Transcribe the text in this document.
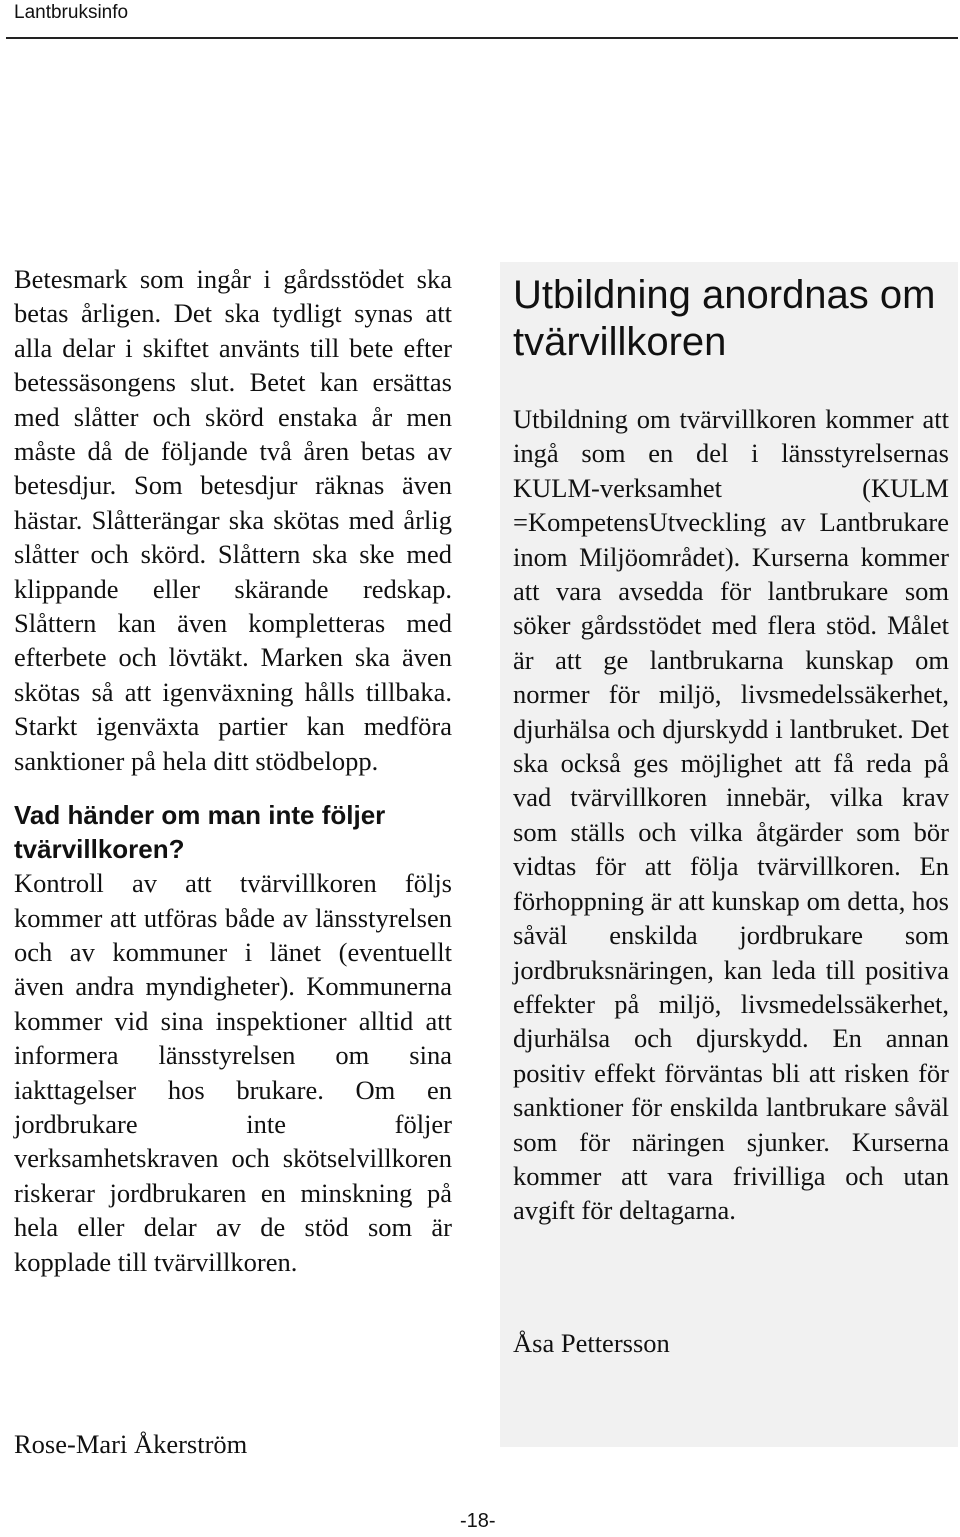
Lantbruksinfo

Betesmark som ingår i gårdsstödet ska betas årligen. Det ska tydligt synas att alla delar i skiftet använts till bete efter betessäsongens slut. Betet kan ersättas med slåtter och skörd enstaka år men måste då de följande två åren betas av betesdjur. Som betesdjur räknas även hästar. Slåtterängar ska skötas med årlig slåtter och skörd. Slåttern ska ske med klippande eller skärande redskap. Slåttern kan även kompletteras med efterbete och lövtäkt. Marken ska även skötas så att igenväxning hålls tillbaka. Starkt igenväxta partier kan medföra sanktioner på hela ditt stödbelopp.

Vad händer om man inte följer tvärvillkoren?

Kontroll av att tvärvillkoren följs kommer att utföras både av länsstyrelsen och av kommuner i länet (eventuellt även andra myndigheter). Kommunerna kommer vid sina inspektioner alltid att informera länsstyrelsen om sina iakttagelser hos brukare. Om en jordbrukare inte följer verksamhetskraven och skötselvillkoren riskerar jordbrukaren en minskning på hela eller delar av de stöd som är kopplade till tvärvillkoren.

Rose-Mari Åkerström
Utbildning anordnas om tvärvillkoren

Utbildning om tvärvillkoren kommer att ingå som en del i länsstyrelsernas KULM-verksamhet (KULM =KompetensUtveckling av Lantbrukare inom Miljöområdet). Kurserna kommer att vara avsedda för lantbrukare som söker gårdsstödet med flera stöd. Målet är att ge lantbrukarna kunskap om normer för miljö, livsmedelssäkerhet, djurhälsa och djurskydd i lantbruket. Det ska också ges möjlighet att få reda på vad tvärvillkoren innebär, vilka krav som ställs och vilka åtgärder som bör vidtas för att följa tvärvillkoren. En förhoppning är att kunskap om detta, hos såväl enskilda jordbrukare som jordbruksnäringen, kan leda till positiva effekter på miljö, livsmedelssäkerhet, djurhälsa och djurskydd. En annan positiv effekt förväntas bli att risken för sanktioner för enskilda lantbrukare såväl som för näringen sjunker. Kurserna kommer att vara frivilliga och utan avgift för deltagarna.

Åsa Pettersson
-18-
